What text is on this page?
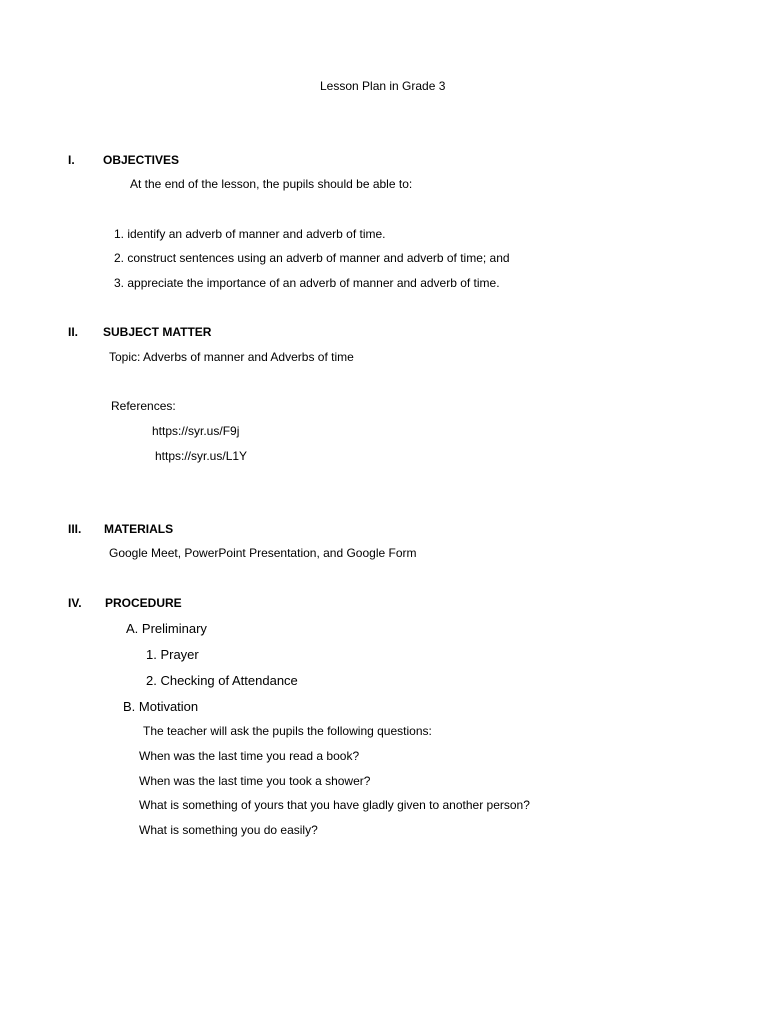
Lesson Plan in Grade 3
I. OBJECTIVES
At the end of the lesson, the pupils should be able to:
1. identify an adverb of manner and adverb of time.
2. construct sentences using an adverb of manner and adverb of time; and
3. appreciate the importance of an adverb of manner and adverb of time.
II. SUBJECT MATTER
Topic: Adverbs of manner and Adverbs of time
References:
https://syr.us/F9j
https://syr.us/L1Y
III. MATERIALS
Google Meet, PowerPoint Presentation, and Google Form
IV. PROCEDURE
A. Preliminary
1. Prayer
2. Checking of Attendance
B. Motivation
The teacher will ask the pupils the following questions:
When was the last time you read a book?
When was the last time you took a shower?
What is something of yours that you have gladly given to another person?
What is something you do easily?
